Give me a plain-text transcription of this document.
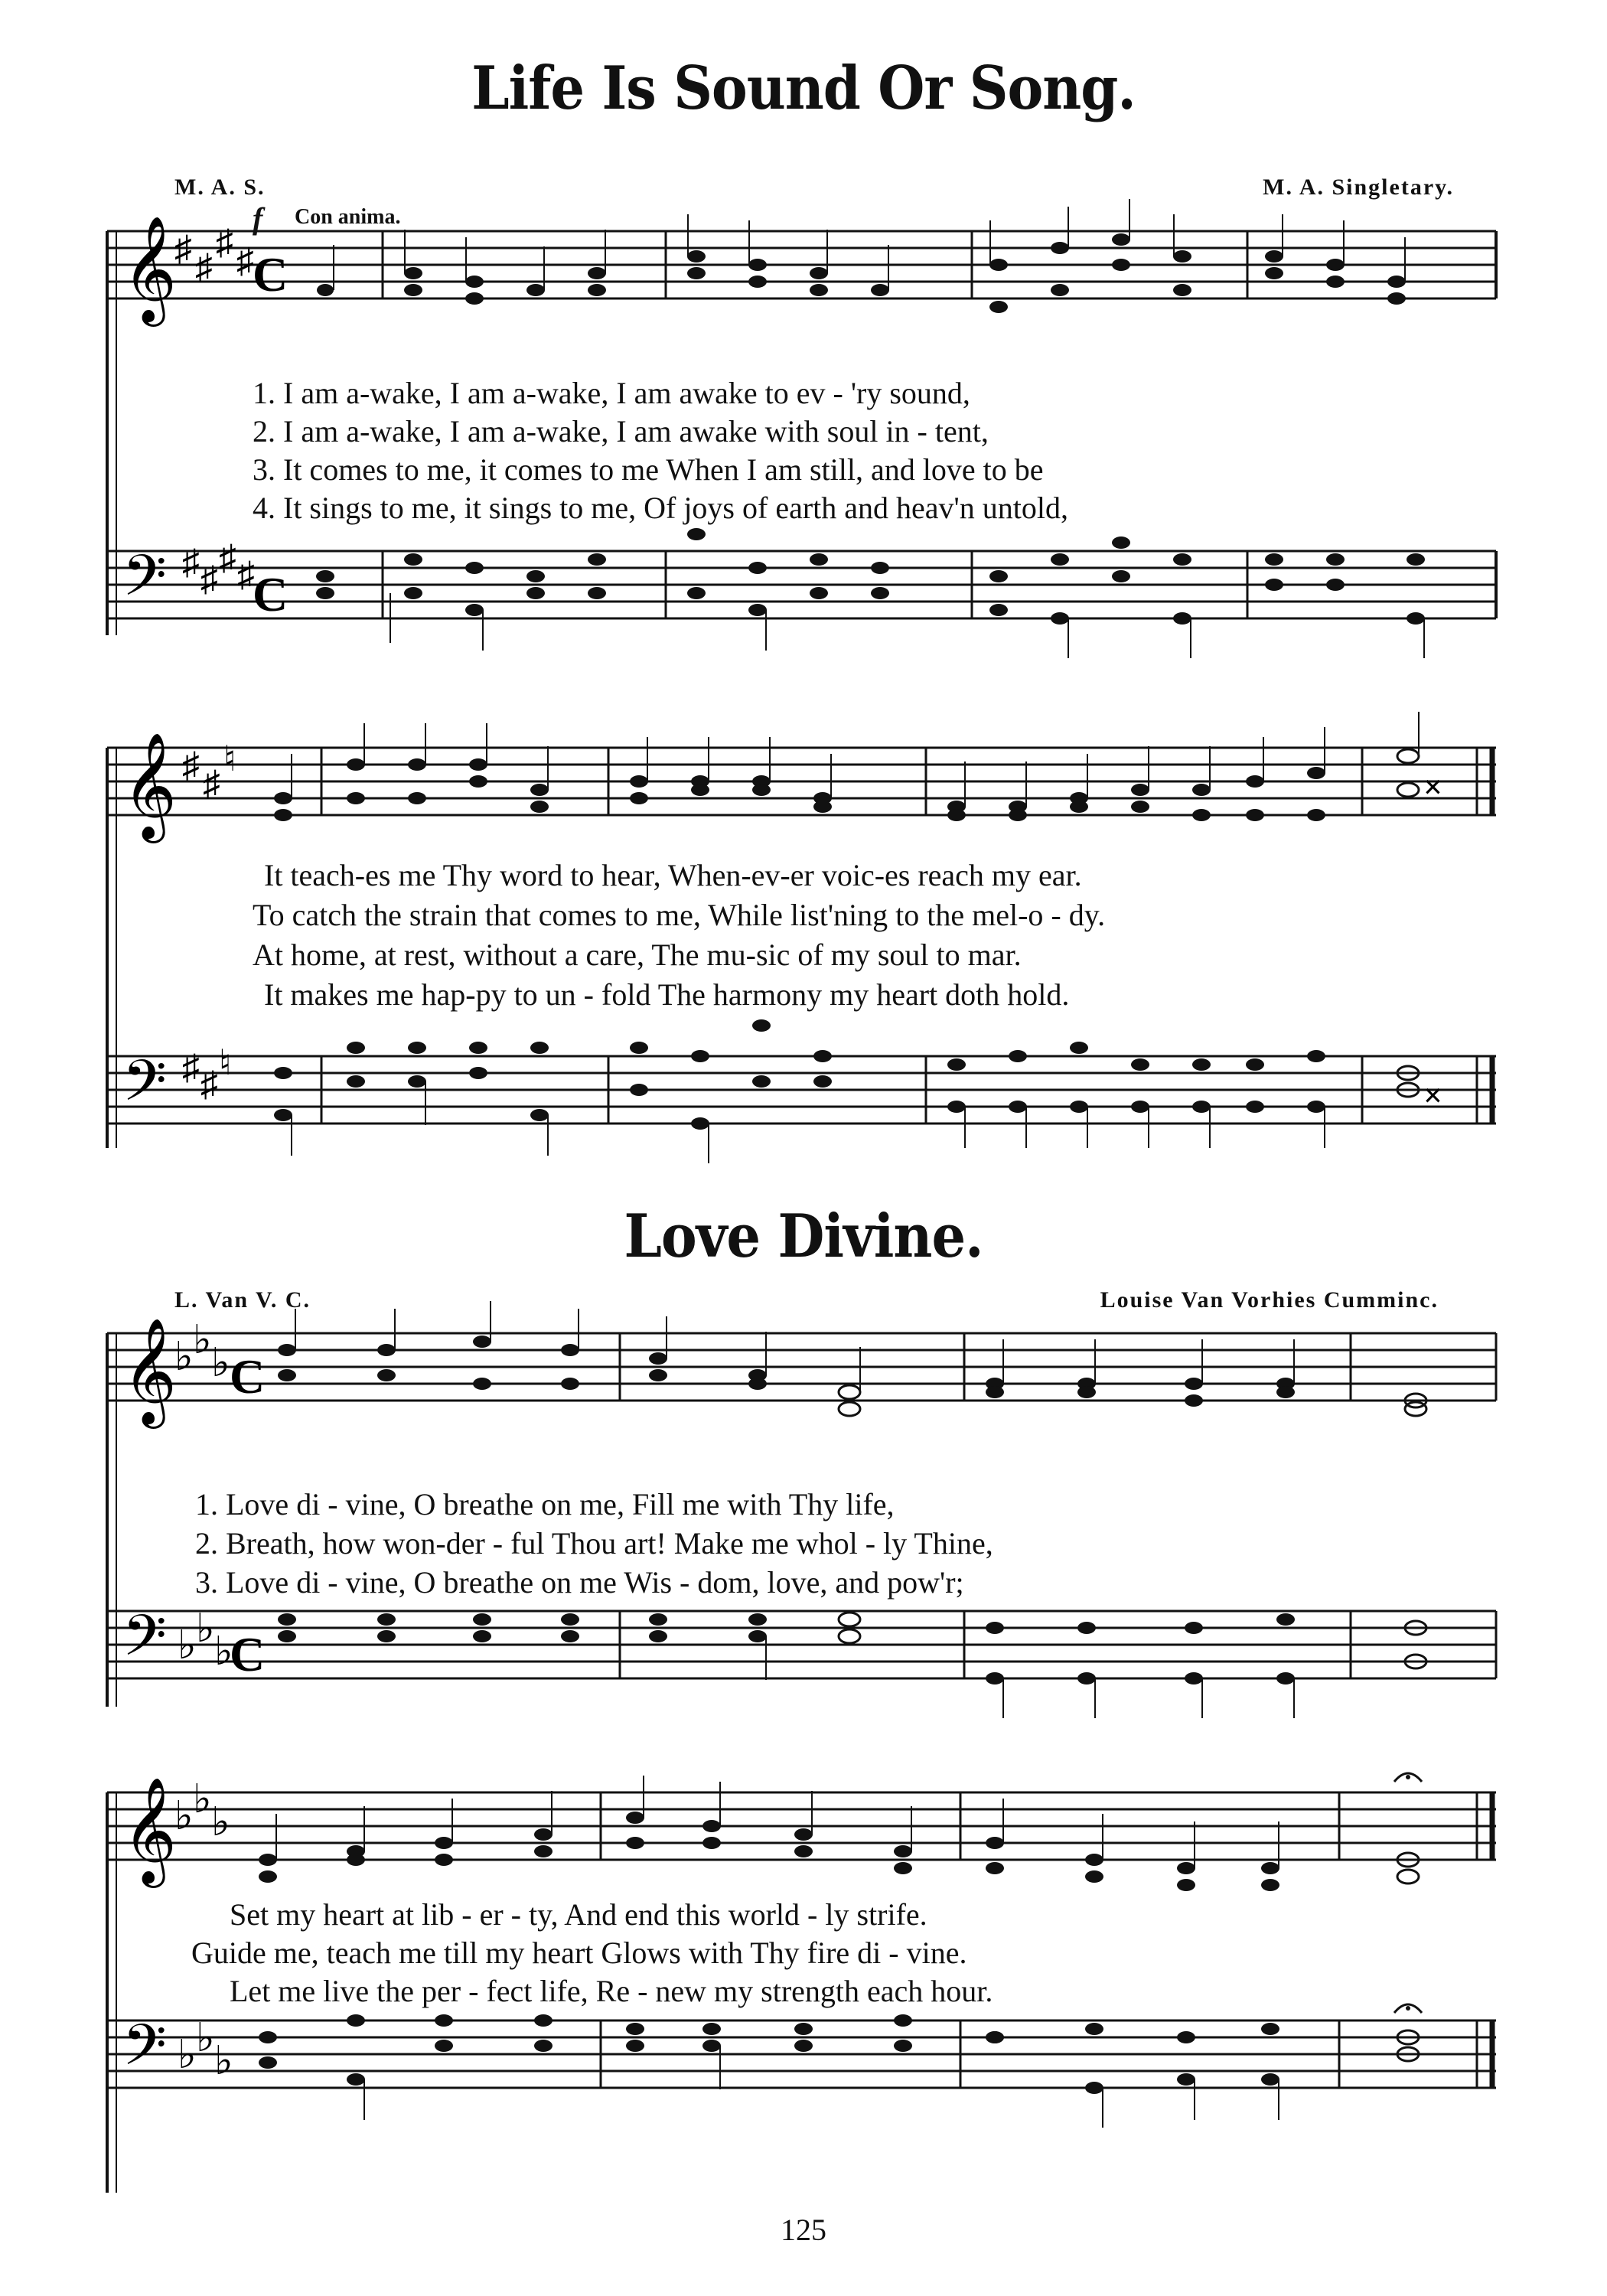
Life Is Sound Or Song.
M. A. S.	M. A. Singletary.
f Con anima.
𝄞
♯ ♯
♯ ♯
C
1. I am a-wake, I am a-wake, I am awake to ev - 'ry sound,
2. I am a-wake, I am a-wake, I am awake with soul in - tent,
3. It comes to me, it comes to me When I am still, and love to be
4. It sings to me, it sings to me, Of joys of earth and heav'n untold,
𝄢 ♯ ♯
♯ ♯
C
𝄞 ♯ ♯
♮
×
It teach-es me Thy word to hear, When-ev-er voic-es reach my ear.
To catch the strain that comes to me, While list'ning to the mel-o - dy.
At home, at rest, without a care, The mu-sic of my soul to mar.
It makes me hap-py to un - fold The harmony my heart doth hold.
𝄢 ♯ ♯
♮
×
Love Divine.
L. Van V. C.	Louise Van Vorhies Cumminc.
𝄞
♭ ♭
♭ C
1. Love di - vine, O breathe on me, Fill me with Thy life,
2. Breath, how won-der - ful Thou art! Make me whol - ly Thine,
3. Love di - vine, O breathe on me Wis - dom, love, and pow'r;
𝄢 ♭ ♭
♭
C
𝄞
♭ ♭
♭
Set my heart at lib - er - ty, And end this world - ly strife.
Guide me, teach me till my heart Glows with Thy fire di - vine.
Let me live the per - fect life, Re - new my strength each hour.
𝄢 ♭ ♭
♭
125
